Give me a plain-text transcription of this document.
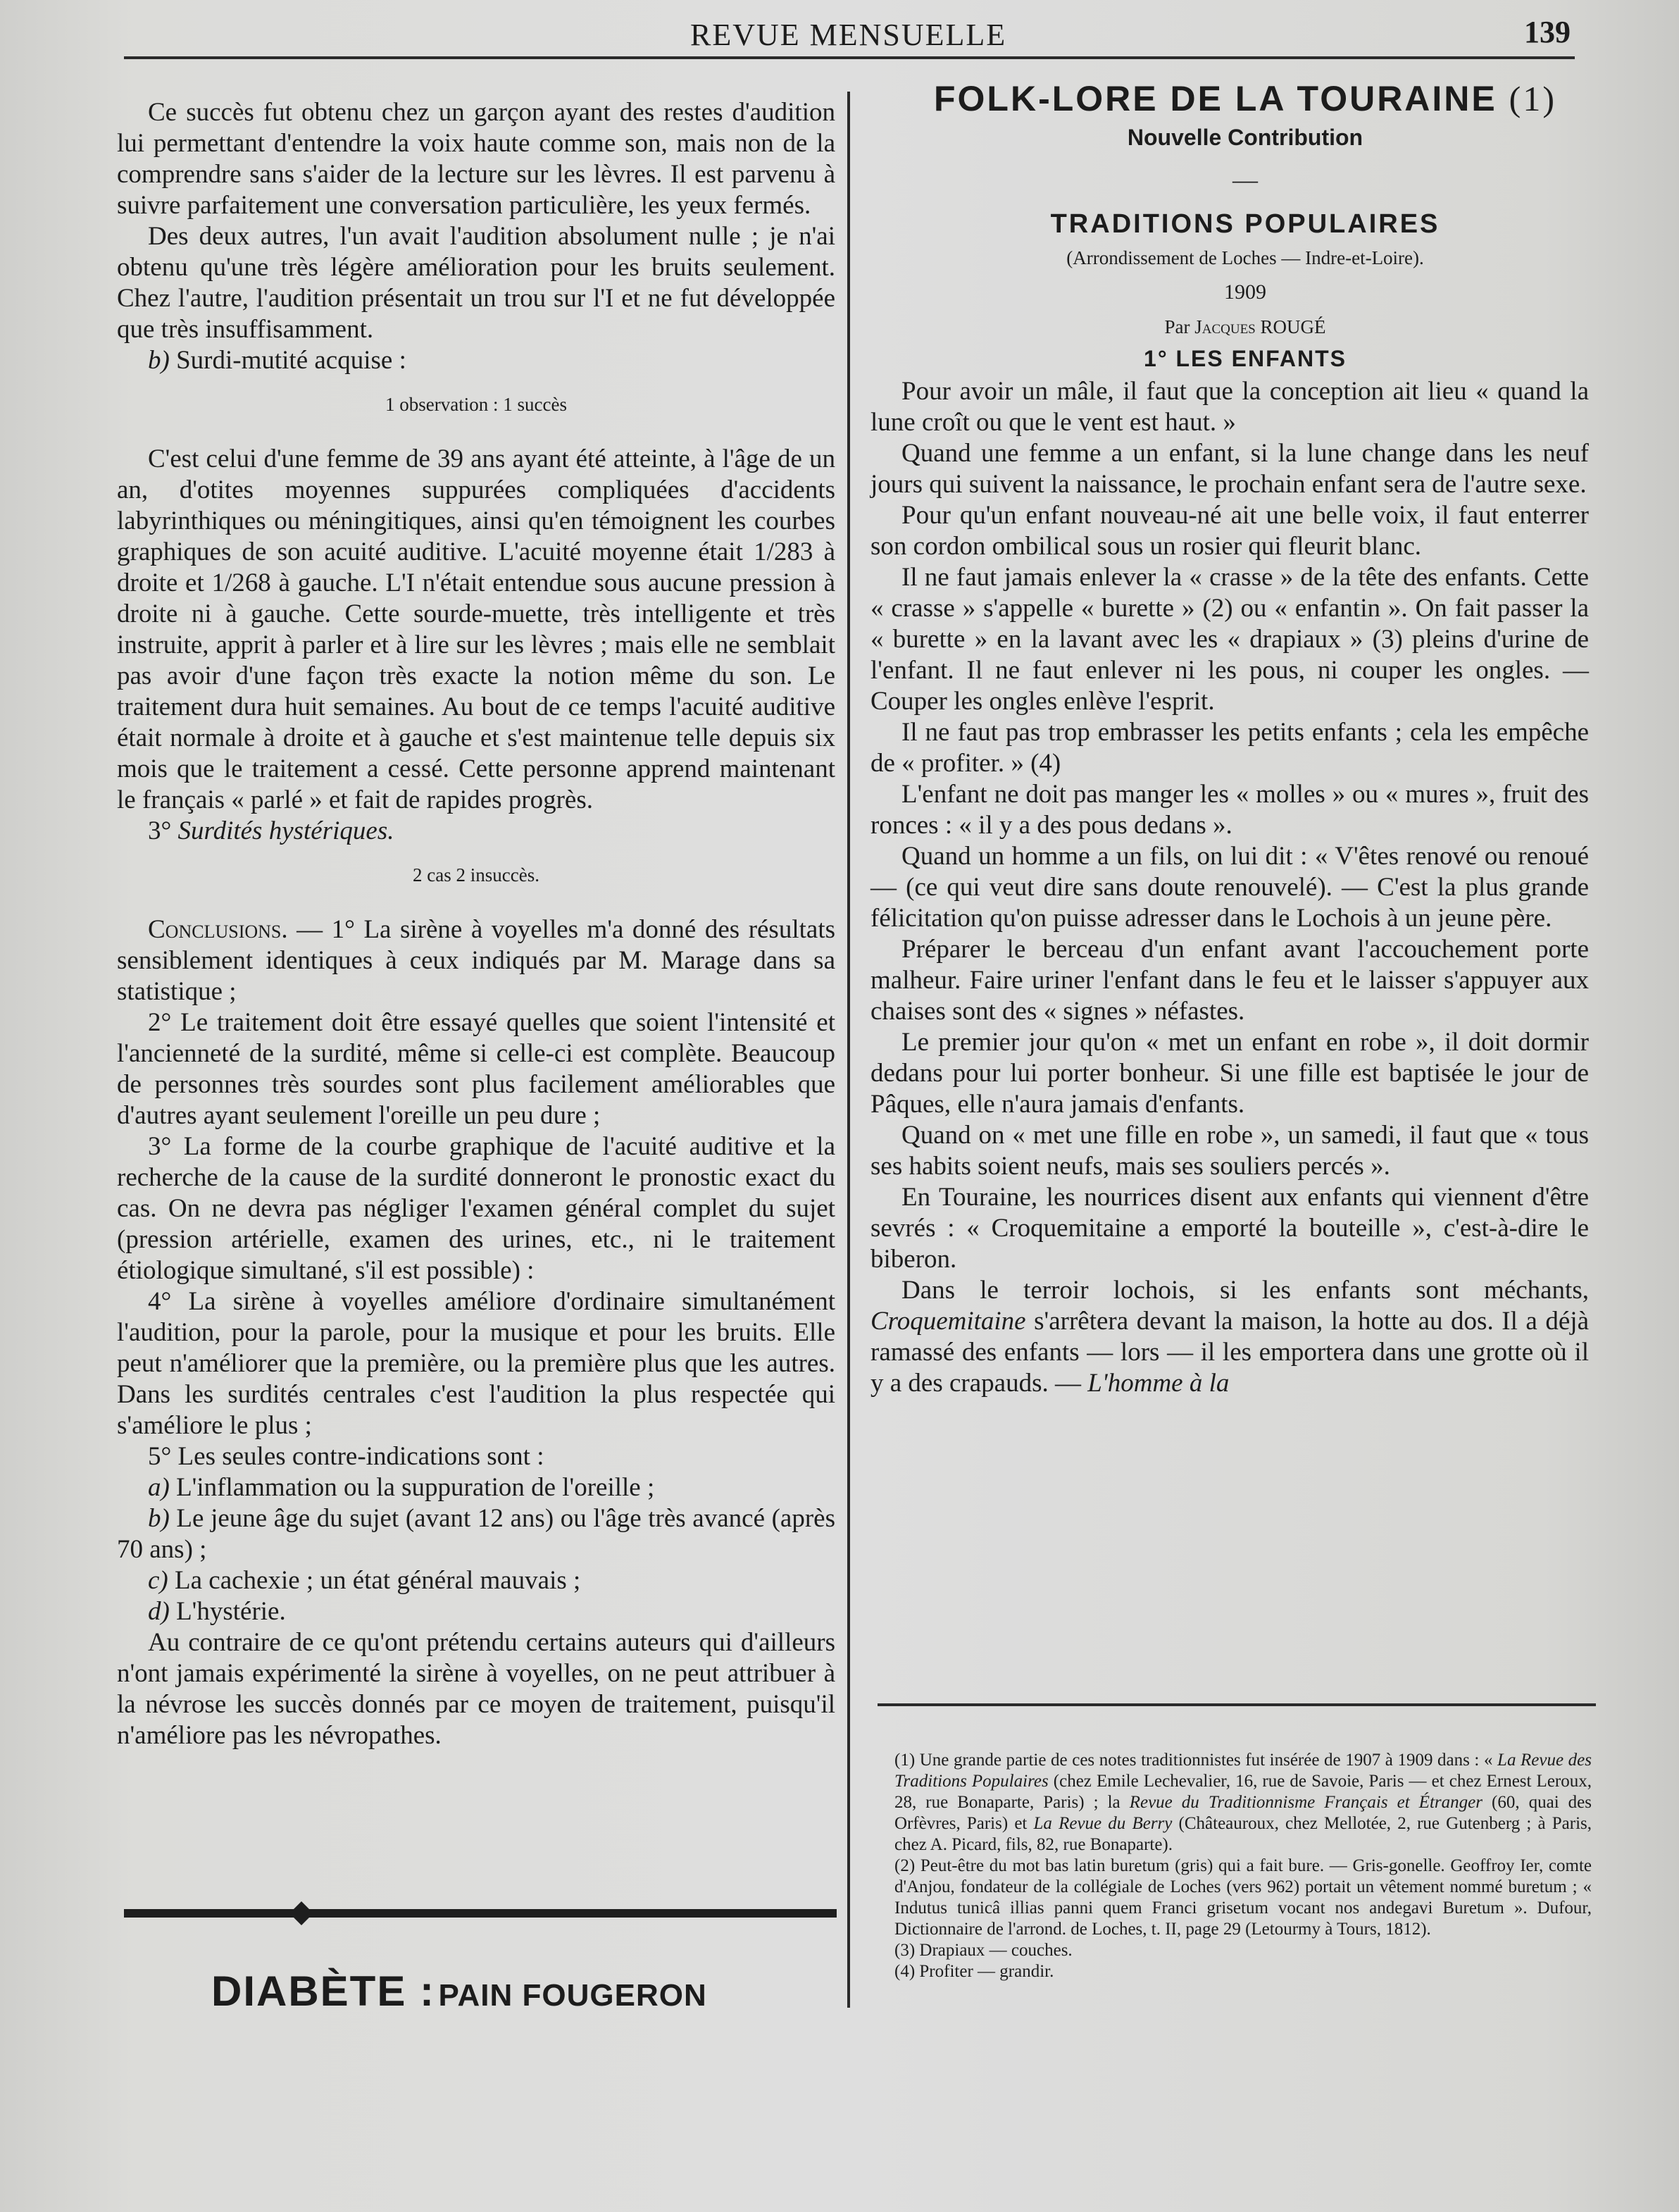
REVUE MENSUELLE	139

Ce succès fut obtenu chez un garçon ayant des restes d'audition lui permettant d'entendre la voix haute comme son, mais non de la comprendre sans s'aider de la lecture sur les lèvres. Il est parvenu à suivre parfaitement une conversation particulière, les yeux fermés.

Des deux autres, l'un avait l'audition absolument nulle ; je n'ai obtenu qu'une très légère amélioration pour les bruits seulement. Chez l'autre, l'audition présentait un trou sur l'I et ne fut développée que très insuffisamment.

b) Surdi-mutité acquise :

1 observation : 1 succès

C'est celui d'une femme de 39 ans ayant été atteinte, à l'âge de un an, d'otites moyennes suppurées compliquées d'accidents labyrinthiques ou méningitiques, ainsi qu'en témoignent les courbes graphiques de son acuité auditive. L'acuité moyenne était 1/283 à droite et 1/268 à gauche. L'I n'était entendue sous aucune pression à droite ni à gauche. Cette sourde-muette, très intelligente et très instruite, apprit à parler et à lire sur les lèvres ; mais elle ne semblait pas avoir d'une façon très exacte la notion même du son. Le traitement dura huit semaines. Au bout de ce temps l'acuité auditive était normale à droite et à gauche et s'est maintenue telle depuis six mois que le traitement a cessé. Cette personne apprend maintenant le français « parlé » et fait de rapides progrès.

3° Surdités hystériques.

2 cas 2 insuccès.

Conclusions. — 1° La sirène à voyelles m'a donné des résultats sensiblement identiques à ceux indiqués par M. Marage dans sa statistique ;

2° Le traitement doit être essayé quelles que soient l'intensité et l'ancienneté de la surdité, même si celle-ci est complète. Beaucoup de personnes très sourdes sont plus facilement améliorables que d'autres ayant seulement l'oreille un peu dure ;

3° La forme de la courbe graphique de l'acuité auditive et la recherche de la cause de la surdité donneront le pronostic exact du cas. On ne devra pas négliger l'examen général complet du sujet (pression artérielle, examen des urines, etc., ni le traitement étiologique simultané, s'il est possible) :

4° La sirène à voyelles améliore d'ordinaire simultanément l'audition, pour la parole, pour la musique et pour les bruits. Elle peut n'améliorer que la première, ou la première plus que les autres. Dans les surdités centrales c'est l'audition la plus respectée qui s'améliore le plus ;

5° Les seules contre-indications sont :

a) L'inflammation ou la suppuration de l'oreille ;

b) Le jeune âge du sujet (avant 12 ans) ou l'âge très avancé (après 70 ans) ;

c) La cachexie ; un état général mauvais ;

d) L'hystérie.

Au contraire de ce qu'ont prétendu certains auteurs qui d'ailleurs n'ont jamais expérimenté la sirène à voyelles, on ne peut attribuer à la névrose les succès donnés par ce moyen de traitement, puisqu'il n'améliore pas les névropathes.

DIABÈTE : PAIN FOUGERON

FOLK-LORE DE LA TOURAINE (1)

Nouvelle Contribution

—

TRADITIONS POPULAIRES

(Arrondissement de Loches — Indre-et-Loire).

1909

Par Jacques ROUGÉ

1° LES ENFANTS

Pour avoir un mâle, il faut que la conception ait lieu « quand la lune croît ou que le vent est haut. »

Quand une femme a un enfant, si la lune change dans les neuf jours qui suivent la naissance, le prochain enfant sera de l'autre sexe.

Pour qu'un enfant nouveau-né ait une belle voix, il faut enterrer son cordon ombilical sous un rosier qui fleurit blanc.

Il ne faut jamais enlever la « crasse » de la tête des enfants. Cette « crasse » s'appelle « burette » (2) ou « enfantin ». On fait passer la « burette » en la lavant avec les « drapiaux » (3) pleins d'urine de l'enfant. Il ne faut enlever ni les pous, ni couper les ongles. — Couper les ongles enlève l'esprit.

Il ne faut pas trop embrasser les petits enfants ; cela les empêche de « profiter. » (4)

L'enfant ne doit pas manger les « molles » ou « mures », fruit des ronces : « il y a des pous dedans ».

Quand un homme a un fils, on lui dit : « V'êtes renové ou renoué — (ce qui veut dire sans doute renouvelé). — C'est la plus grande félicitation qu'on puisse adresser dans le Lochois à un jeune père.

Préparer le berceau d'un enfant avant l'accouchement porte malheur. Faire uriner l'enfant dans le feu et le laisser s'appuyer aux chaises sont des « signes » néfastes.

Le premier jour qu'on « met un enfant en robe », il doit dormir dedans pour lui porter bonheur. Si une fille est baptisée le jour de Pâques, elle n'aura jamais d'enfants.

Quand on « met une fille en robe », un samedi, il faut que « tous ses habits soient neufs, mais ses souliers percés ».

En Touraine, les nourrices disent aux enfants qui viennent d'être sevrés : « Croquemitaine a emporté la bouteille », c'est-à-dire le biberon.

Dans le terroir lochois, si les enfants sont méchants, Croquemitaine s'arrêtera devant la maison, la hotte au dos. Il a déjà ramassé des enfants — lors — il les emportera dans une grotte où il y a des crapauds. — L'homme à la

(1) Une grande partie de ces notes traditionnistes fut insérée de 1907 à 1909 dans : « La Revue des Traditions Populaires (chez Emile Lechevalier, 16, rue de Savoie, Paris — et chez Ernest Leroux, 28, rue Bonaparte, Paris) ; la Revue du Traditionnisme Français et Étranger (60, quai des Orfèvres, Paris) et La Revue du Berry (Châteauroux, chez Mellotée, 2, rue Gutenberg ; à Paris, chez A. Picard, fils, 82, rue Bonaparte).

(2) Peut-être du mot bas latin buretum (gris) qui a fait bure. — Gris-gonelle. Geoffroy Ier, comte d'Anjou, fondateur de la collégiale de Loches (vers 962) portait un vêtement nommé buretum ; « Indutus tunicâ illias panni quem Franci grisetum vocant nos andegavi Buretum ». Dufour, Dictionnaire de l'arrond. de Loches, t. II, page 29 (Letourmy à Tours, 1812).

(3) Drapiaux — couches.

(4) Profiter — grandir.
